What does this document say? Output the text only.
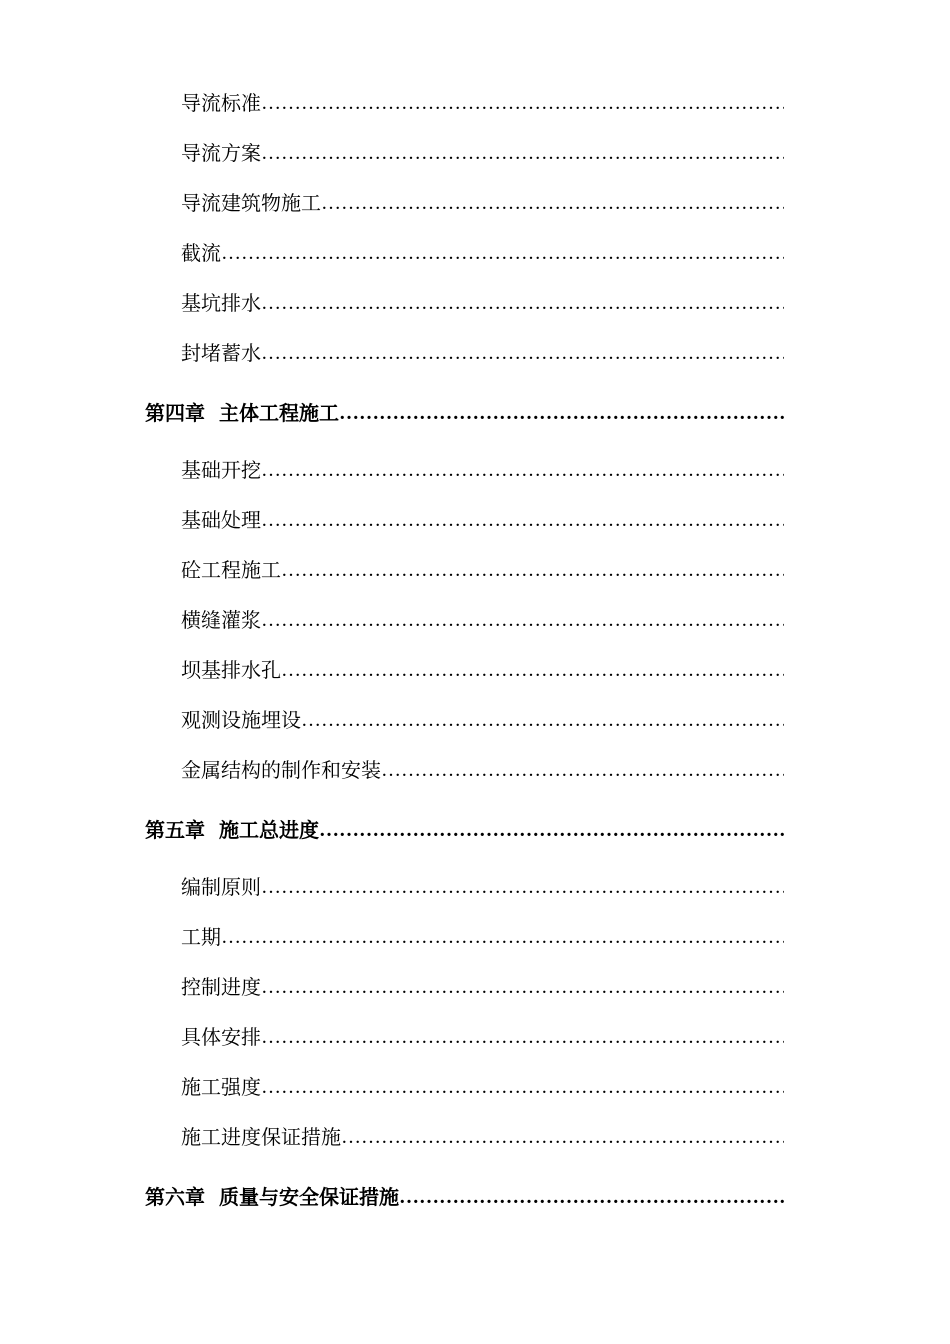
导流标准
…………………………………………………………………………………………………………………………………………………………………
导流方案
…………………………………………………………………………………………………………………………………………………………………
导流建筑物施工
…………………………………………………………………………………………………………………………………………………………………
截流
…………………………………………………………………………………………………………………………………………………………………
基坑排水
…………………………………………………………………………………………………………………………………………………………………
封堵蓄水
…………………………………………………………………………………………………………………………………………………………………
第四章 主体工程施工
…………………………………………………………………………………………………………………………………………………………………
基础开挖
…………………………………………………………………………………………………………………………………………………………………
基础处理
…………………………………………………………………………………………………………………………………………………………………
砼工程施工
…………………………………………………………………………………………………………………………………………………………………
横缝灌浆
…………………………………………………………………………………………………………………………………………………………………
坝基排水孔
…………………………………………………………………………………………………………………………………………………………………
观测设施埋设
…………………………………………………………………………………………………………………………………………………………………
金属结构的制作和安装
…………………………………………………………………………………………………………………………………………………………………
第五章 施工总进度
…………………………………………………………………………………………………………………………………………………………………
编制原则
…………………………………………………………………………………………………………………………………………………………………
工期
…………………………………………………………………………………………………………………………………………………………………
控制进度
…………………………………………………………………………………………………………………………………………………………………
具体安排
…………………………………………………………………………………………………………………………………………………………………
施工强度
…………………………………………………………………………………………………………………………………………………………………
施工进度保证措施
…………………………………………………………………………………………………………………………………………………………………
第六章 质量与安全保证措施
…………………………………………………………………………………………………………………………………………………………………
